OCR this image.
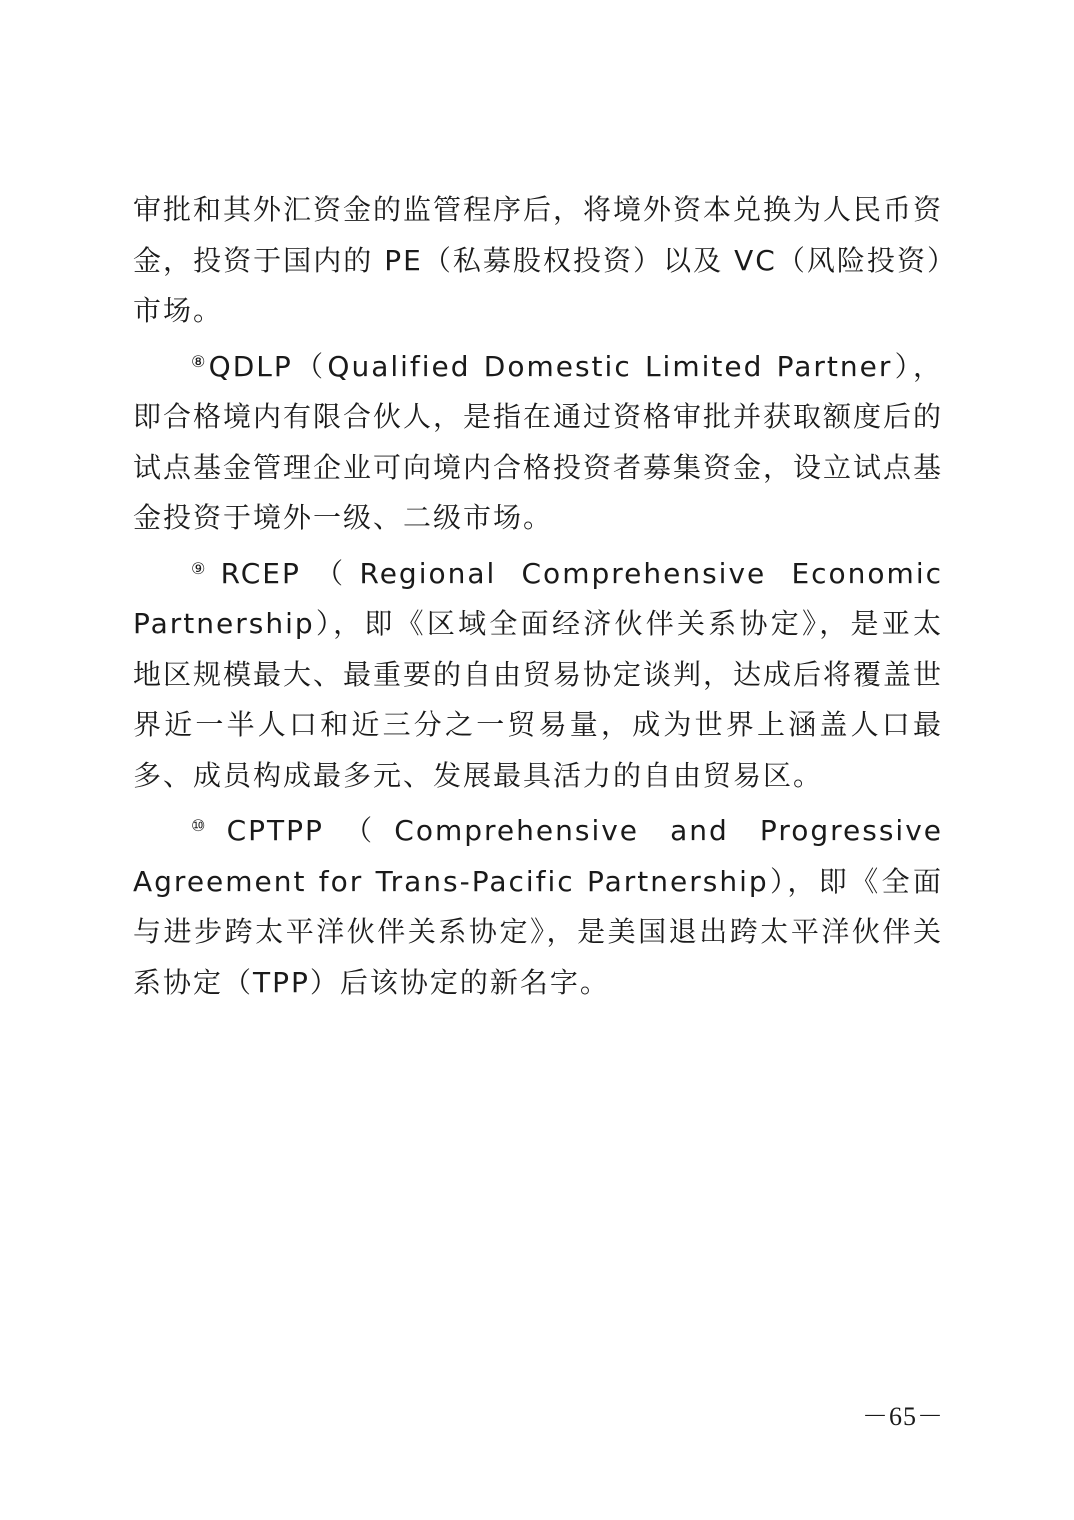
审批和其外汇资金的监管程序后，将境外资本兑换为人民币资金，投资于国内的 PE（私募股权投资）以及 VC（风险投资）市场。

⑧QDLP（Qualified Domestic Limited Partner），即合格境内有限合伙人，是指在通过资格审批并获取额度后的试点基金管理企业可向境内合格投资者募集资金，设立试点基金投资于境外一级、二级市场。

⑨RCEP（Regional Comprehensive Economic Partnership），即《区域全面经济伙伴关系协定》，是亚太地区规模最大、最重要的自由贸易协定谈判，达成后将覆盖世界近一半人口和近三分之一贸易量，成为世界上涵盖人口最多、成员构成最多元、发展最具活力的自由贸易区。

⑩CPTPP（Comprehensive and Progressive Agreement for Trans-Pacific Partnership），即《全面与进步跨太平洋伙伴关系协定》，是美国退出跨太平洋伙伴关系协定（TPP）后该协定的新名字。

－65－
